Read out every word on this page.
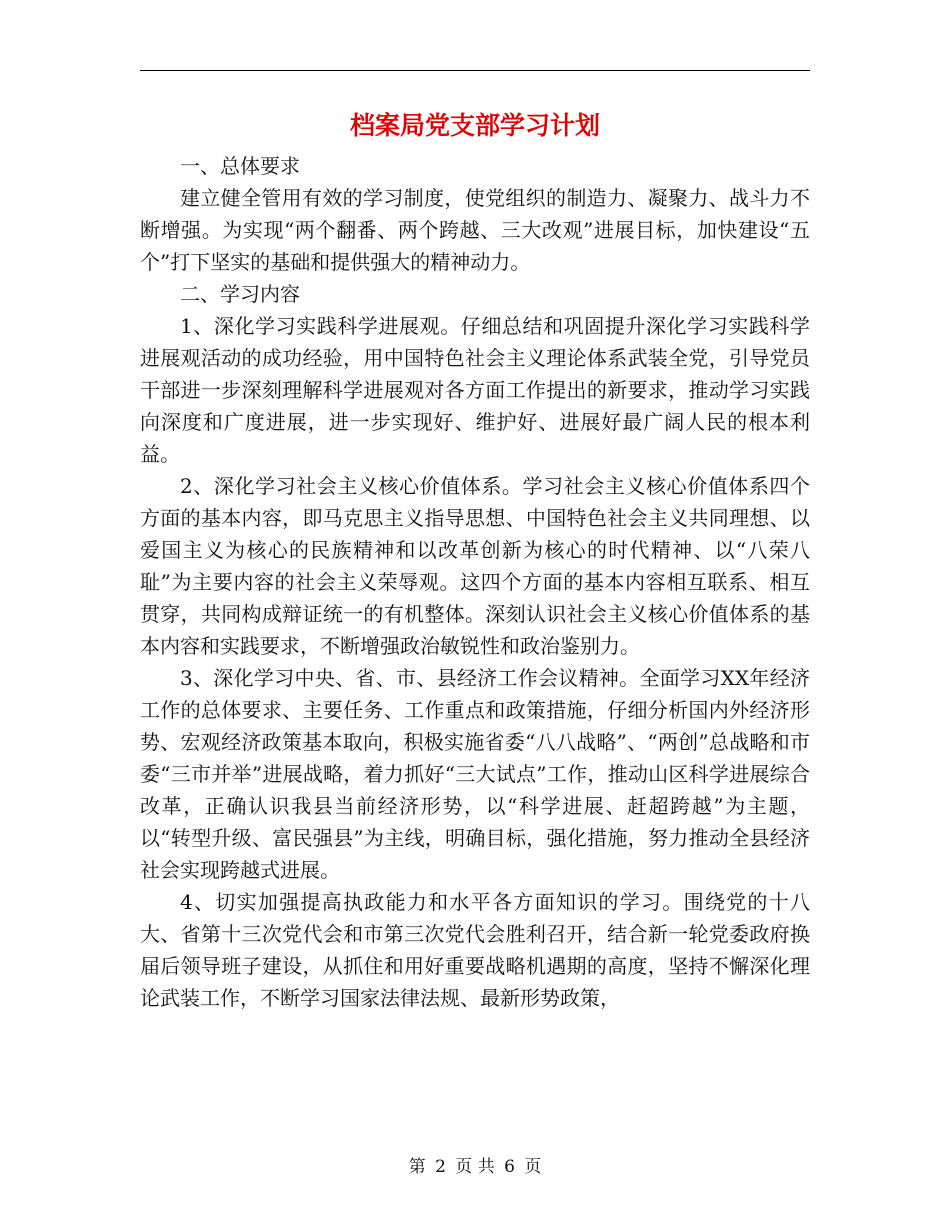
档案局党支部学习计划

一、总体要求

建立健全管用有效的学习制度，使党组织的制造力、凝聚力、战斗力不断增强。为实现“两个翻番、两个跨越、三大改观”进展目标，加快建设“五个”打下坚实的基础和提供强大的精神动力。

二、学习内容

1、深化学习实践科学进展观。仔细总结和巩固提升深化学习实践科学进展观活动的成功经验，用中国特色社会主义理论体系武装全党，引导党员干部进一步深刻理解科学进展观对各方面工作提出的新要求，推动学习实践向深度和广度进展，进一步实现好、维护好、进展好最广阔人民的根本利益。

2、深化学习社会主义核心价值体系。学习社会主义核心价值体系四个方面的基本内容，即马克思主义指导思想、中国特色社会主义共同理想、以爱国主义为核心的民族精神和以改革创新为核心的时代精神、以“八荣八耻”为主要内容的社会主义荣辱观。这四个方面的基本内容相互联系、相互贯穿，共同构成辩证统一的有机整体。深刻认识社会主义核心价值体系的基本内容和实践要求，不断增强政治敏锐性和政治鉴别力。

3、深化学习中央、省、市、县经济工作会议精神。全面学习XX年经济工作的总体要求、主要任务、工作重点和政策措施，仔细分析国内外经济形势、宏观经济政策基本取向，积极实施省委“八八战略”、“两创”总战略和市委“三市并举”进展战略，着力抓好“三大试点”工作，推动山区科学进展综合改革，正确认识我县当前经济形势，以“科学进展、赶超跨越”为主题，以“转型升级、富民强县”为主线，明确目标，强化措施，努力推动全县经济社会实现跨越式进展。

4、切实加强提高执政能力和水平各方面知识的学习。围绕党的十八大、省第十三次党代会和市第三次党代会胜利召开，结合新一轮党委政府换届后领导班子建设，从抓住和用好重要战略机遇期的高度，坚持不懈深化理论武装工作，不断学习国家法律法规、最新形势政策，

第 2 页 共 6 页
